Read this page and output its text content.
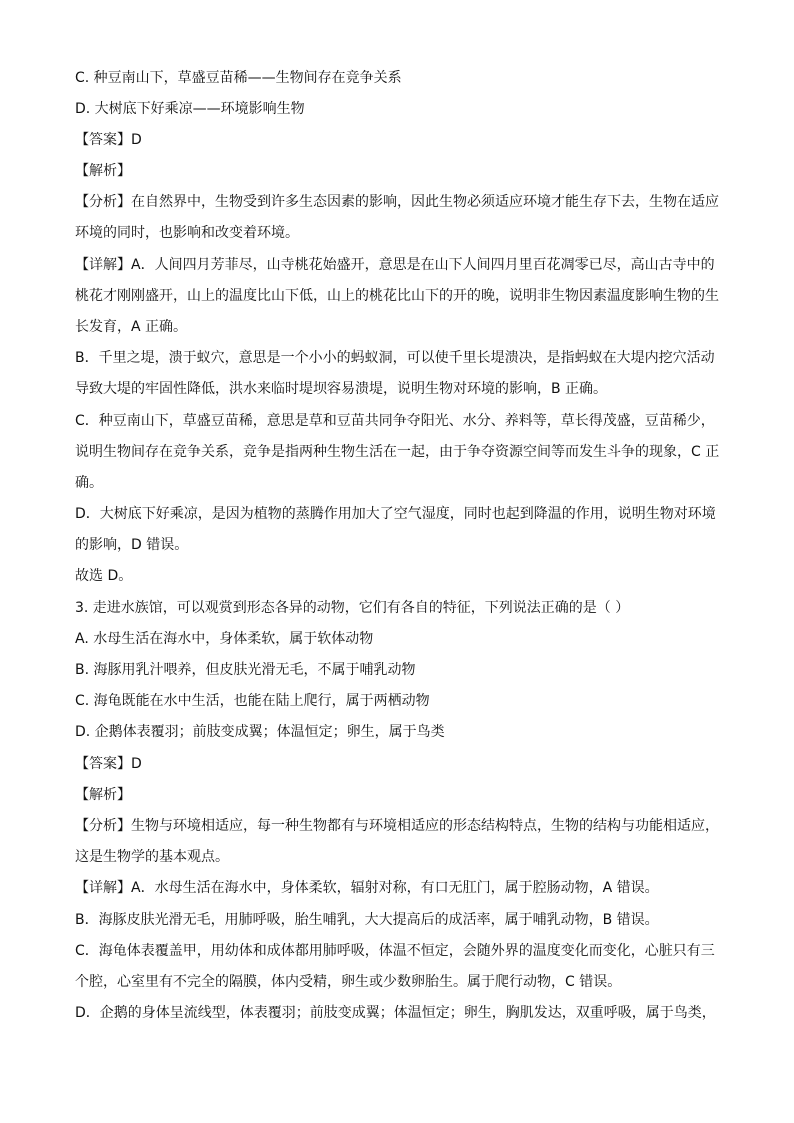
C. 种豆南山下，草盛豆苗稀——生物间存在竞争关系
D. 大树底下好乘凉——环境影响生物
【答案】D
【解析】
【分析】在自然界中，生物受到许多生态因素的影响，因此生物必须适应环境才能生存下去，生物在适应
环境的同时，也影响和改变着环境。
【详解】A．人间四月芳菲尽，山寺桃花始盛开，意思是在山下人间四月里百花凋零已尽，高山古寺中的
桃花才刚刚盛开，山上的温度比山下低，山上的桃花比山下的开的晚，说明非生物因素温度影响生物的生
长发育，A 正确。
B．千里之堤，溃于蚁穴，意思是一个小小的蚂蚁洞，可以使千里长堤溃决，是指蚂蚁在大堤内挖穴活动
导致大堤的牢固性降低，洪水来临时堤坝容易溃堤，说明生物对环境的影响，B 正确。
C．种豆南山下，草盛豆苗稀，意思是草和豆苗共同争夺阳光、水分、养料等，草长得茂盛，豆苗稀少，
说明生物间存在竞争关系，竞争是指两种生物生活在一起，由于争夺资源空间等而发生斗争的现象，C 正
确。
D．大树底下好乘凉，是因为植物的蒸腾作用加大了空气湿度，同时也起到降温的作用，说明生物对环境
的影响，D 错误。
故选 D。
3. 走进水族馆，可以观赏到形态各异的动物，它们有各自的特征，下列说法正确的是（ ）
A. 水母生活在海水中，身体柔软，属于软体动物
B. 海豚用乳汁喂养，但皮肤光滑无毛，不属于哺乳动物
C. 海龟既能在水中生活，也能在陆上爬行，属于两栖动物
D. 企鹅体表覆羽；前肢变成翼；体温恒定；卵生，属于鸟类
【答案】D
【解析】
【分析】生物与环境相适应，每一种生物都有与环境相适应的形态结构特点，生物的结构与功能相适应，
这是生物学的基本观点。
【详解】A．水母生活在海水中，身体柔软，辐射对称，有口无肛门，属于腔肠动物，A 错误。
B．海豚皮肤光滑无毛，用肺呼吸，胎生哺乳，大大提高后的成活率，属于哺乳动物，B 错误。
C．海龟体表覆盖甲，用幼体和成体都用肺呼吸，体温不恒定，会随外界的温度变化而变化，心脏只有三
个腔，心室里有不完全的隔膜，体内受精，卵生或少数卵胎生。属于爬行动物，C 错误。
D．企鹅的身体呈流线型，体表覆羽；前肢变成翼；体温恒定；卵生，胸肌发达，双重呼吸，属于鸟类，
